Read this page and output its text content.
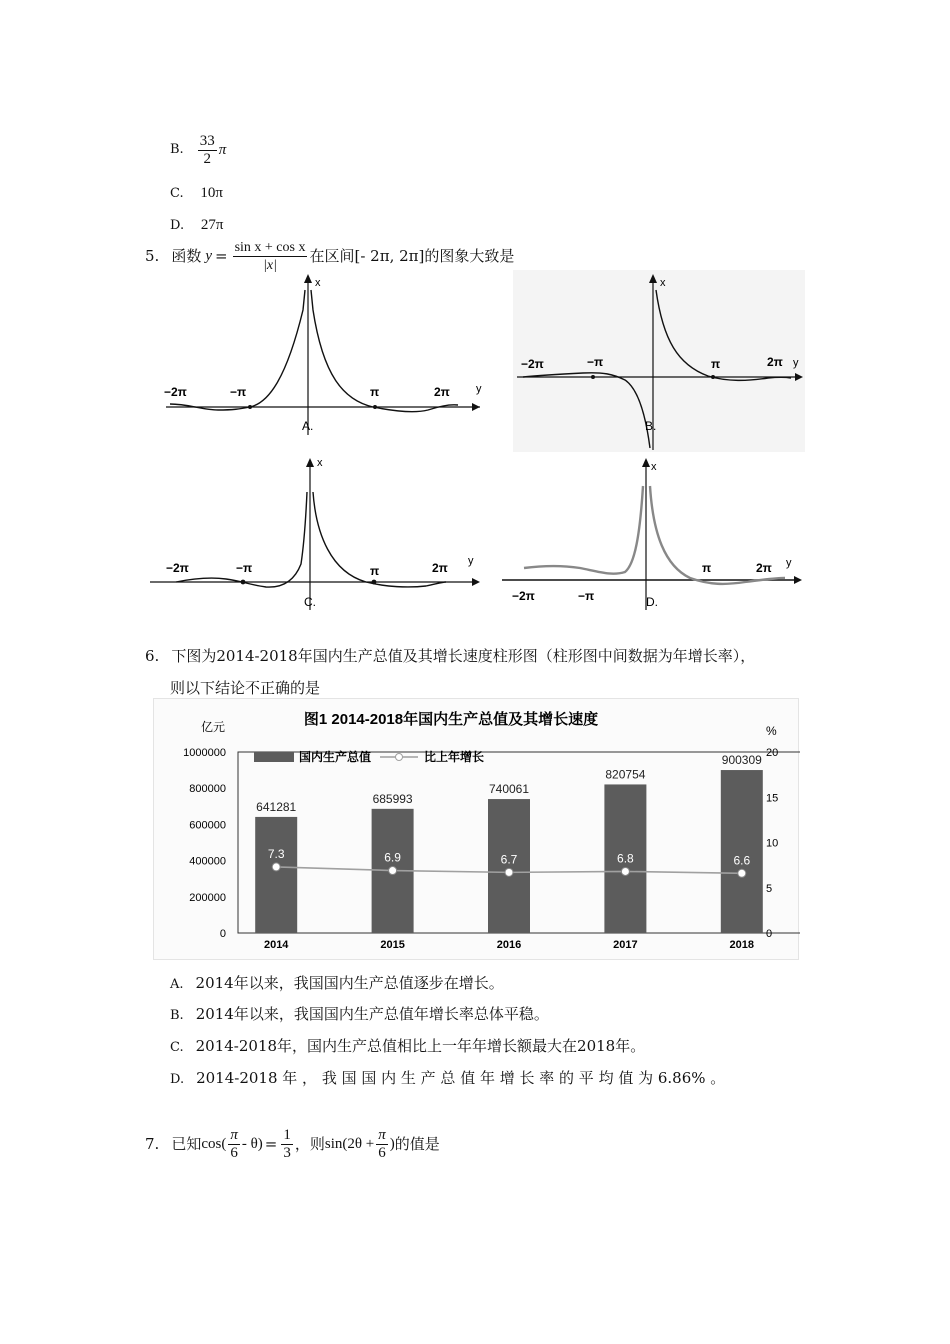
B. $\frac{33}{2}$ π
C. 10π
D. 27π
5. 函数 $y = \frac{\text{sin x + cos x}}{|x|}$ 在区间[- 2π, 2π]的图象大致是
−2π	−π	π	2π y
x
A.
−2π	−π	π	2π y
x
B.
−2π	−π	π	2π y
x
C.	−2π	−π
π	2π y
x
D.
6. 下图为2014-2018年国内生产总值及其增长速度柱形图（柱形图中间数据为年增长率），
则以下结论不正确的是
图1 2014-2018年国内生产总值及其增长速度
亿元	%
国内生产总值	比上年增长
0
200000
400000
600000
800000
1000000
0
5
10
15
20
641281
2014
685993
2015
740061
2016
820754
2017
900309
2018
7.3	6.9	6.7	6.8	6.6
A. 2014年以来，我国国内生产总值逐步在增长。
B. 2014年以来，我国国内生产总值年增长率总体平稳。
C. 2014-2018年，国内生产总值相比上一年年增长额最大在2018年。
D. 2014-2018 年 ， 我 国 国 内 生 产 总 值 年 增 长 率 的 平 均 值 为 6.86% 。
7. 已知 $\cos( \frac{\pi}{6} - \theta) = \frac{1}{3}$ ，则 $\sin(2\theta + \frac{\pi}{6}$ ) 的值是
